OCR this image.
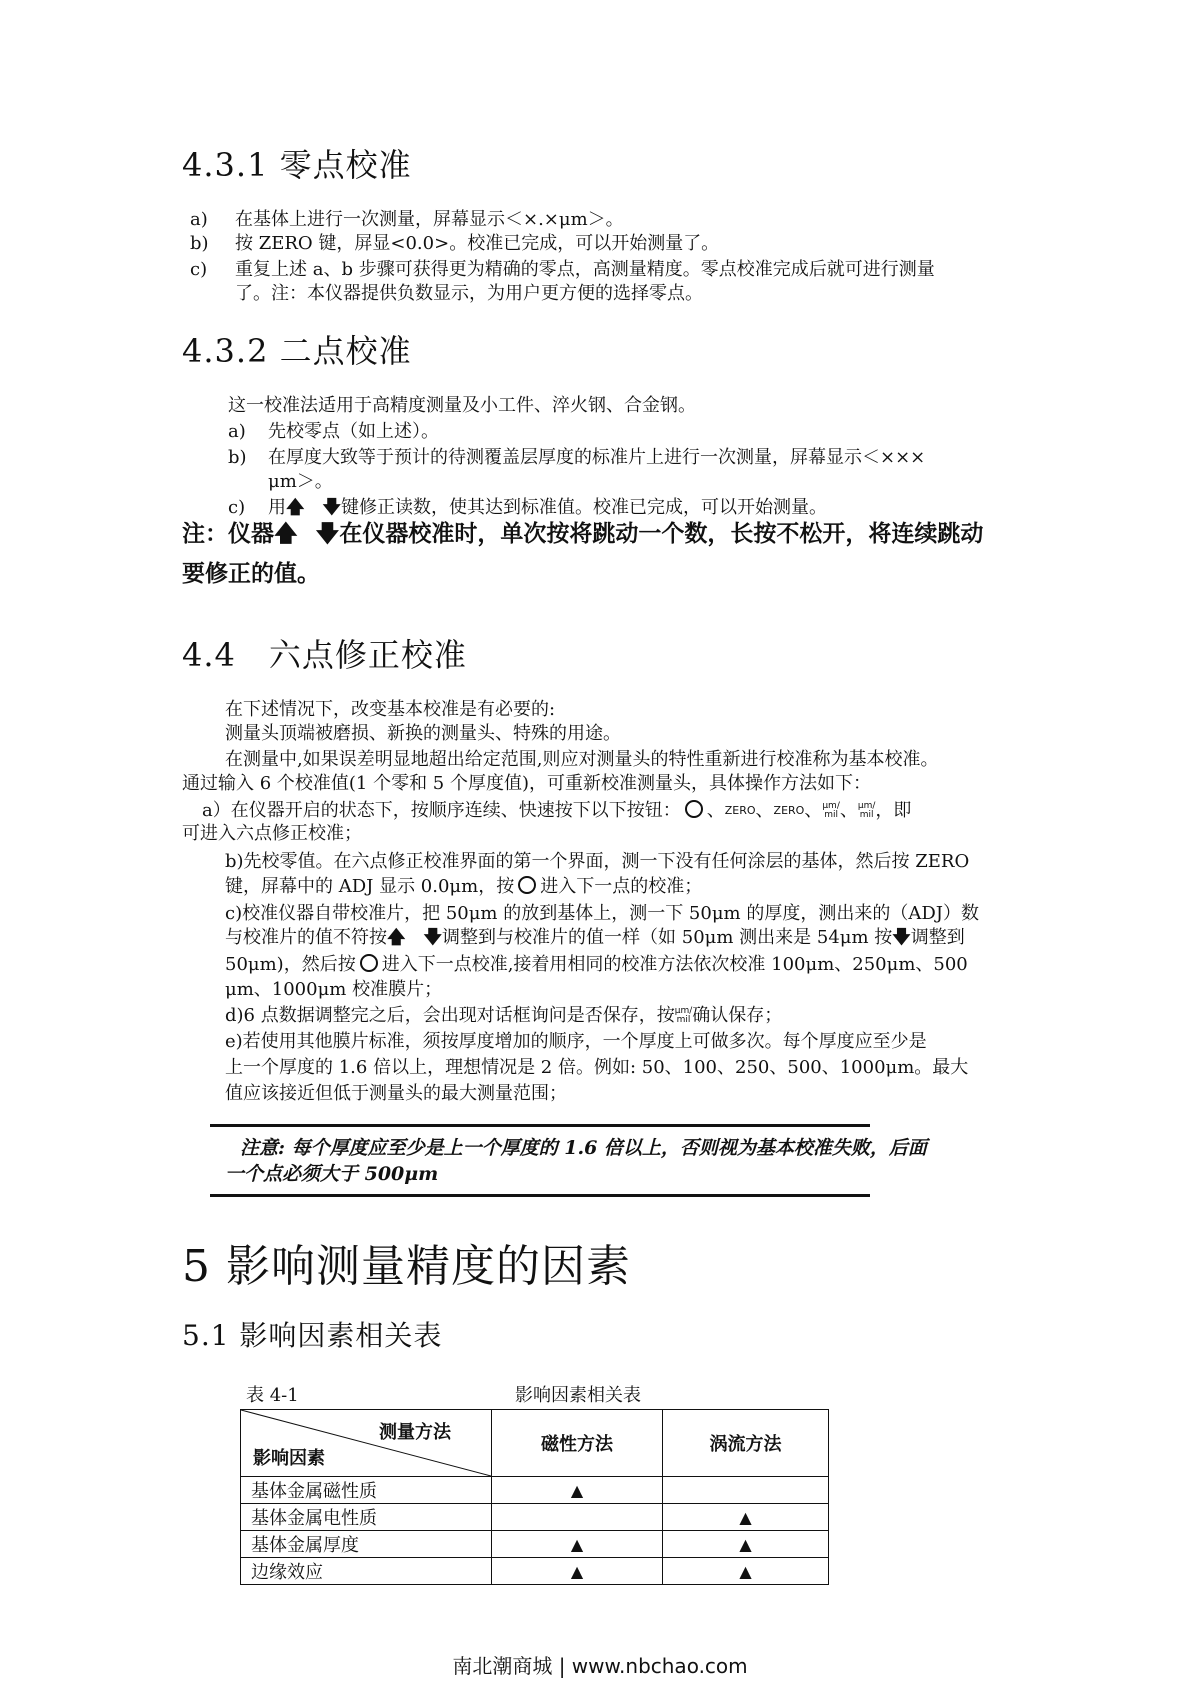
4.3.1 零点校准
a) 在基体上进行一次测量，屏幕显示＜×.×μm＞。
b) 按 ZERO 键，屏显<0.0>。校准已完成，可以开始测量了。
c) 重复上述 a、b 步骤可获得更为精确的零点，高测量精度。零点校准完成后就可进行测量
了。注：本仪器提供负数显示，为用户更方便的选择零点。
4.3.2 二点校准
这一校准法适用于高精度测量及小工件、淬火钢、合金钢。
a) 先校零点（如上述）。
b) 在厚度大致等于预计的待测覆盖层厚度的标准片上进行一次测量，屏幕显示＜×××
μm＞。
c) 用🡅 🡇键修正读数，使其达到标准值。校准已完成，可以开始测量。
注：仪器🡅 🡇在仪器校准时，单次按将跳动一个数，长按不松开，将连续跳动
要修正的值。
4.4　六点修正校准
在下述情况下，改变基本校准是有必要的:
测量头顶端被磨损、新换的测量头、特殊的用途。
在测量中,如果误差明显地超出给定范围,则应对测量头的特性重新进行校准称为基本校准。
通过输入 6 个校准值(1 个零和 5 个厚度值)，可重新校准测量头，具体操作方法如下：
a）在仪器开启的状态下，按顺序连续、快速按下以下按钮： 、ZERO、ZERO、μm/
mil 、μm/
mil ，即
可进入六点修正校准；
b)先校零值。在六点修正校准界面的第一个界面，测一下没有任何涂层的基体，然后按 ZERO
键，屏幕中的 ADJ 显示 0.0μm，按 进入下一点的校准；
c)校准仪器自带校准片，把 50μm 的放到基体上，测一下 50μm 的厚度，测出来的（ADJ）数
与校准片的值不符按🡅 🡇调整到与校准片的值一样（如 50μm 测出来是 54μm 按🡇调整到
50μm)，然后按 进入下一点校准,接着用相同的校准方法依次校准 100μm、250μm、500
μm、1000μm 校准膜片；
d)6 点数据调整完之后，会出现对话框询问是否保存，按μm/
mil 确认保存；
e)若使用其他膜片标准，须按厚度增加的顺序，一个厚度上可做多次。每个厚度应至少是
上一个厚度的 1.6 倍以上，理想情况是 2 倍。例如: 50、100、250、500、1000μm。最大
值应该接近但低于测量头的最大测量范围；
注意: 每个厚度应至少是上一个厚度的 1.6 倍以上，否则视为基本校准失败，后面
一个点必须大于 500μm
5 影响测量精度的因素
5.1 影响因素相关表
表 4-1	影响因素相关表
测量方法
影响因素	磁性方法	涡流方法
基体金属磁性质	▲	
基体金属电性质		▲
基体金属厚度	▲	▲
边缘效应	▲	▲
南北潮商城 | www.nbchao.com
